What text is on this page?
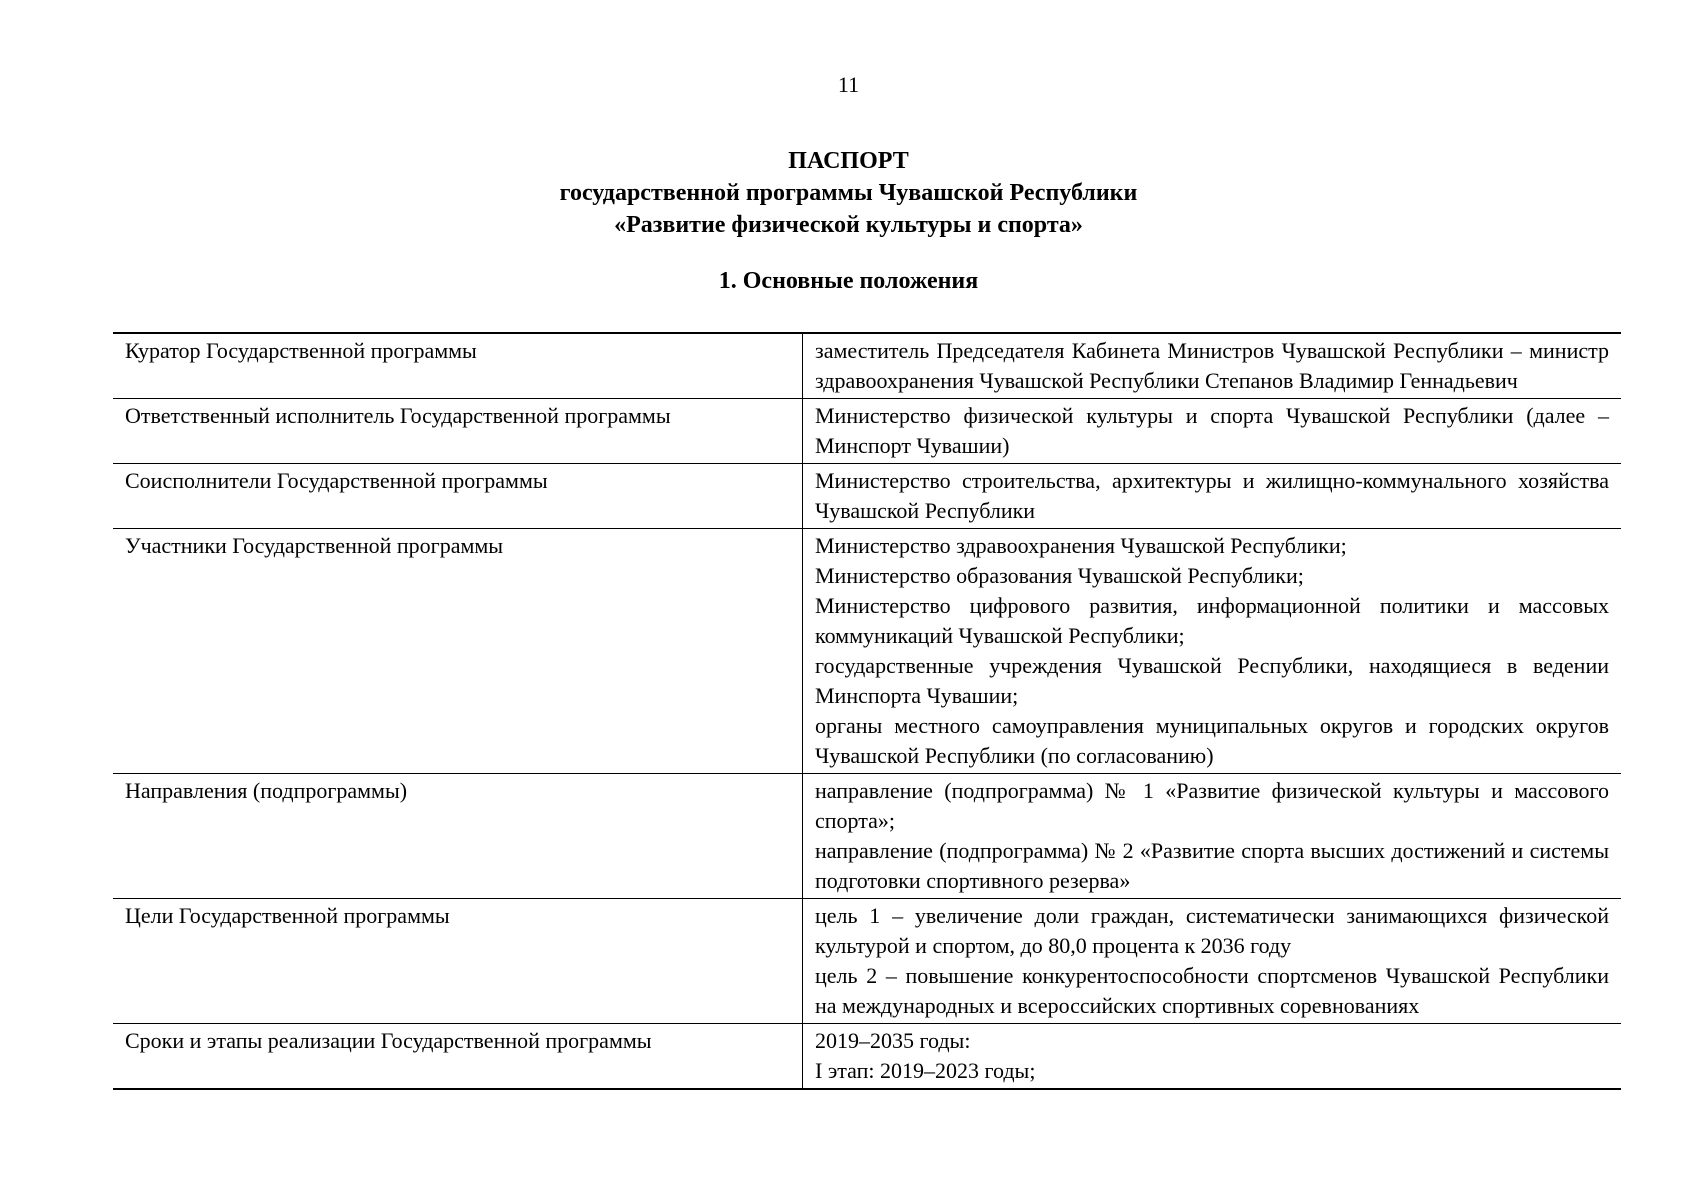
11
ПАСПОРТ
государственной программы Чувашской Республики
«Развитие физической культуры и спорта»
1. Основные положения
Куратор Государственной программы	заместитель Председателя Кабинета Министров Чувашской Республики – министр здравоохранения Чувашской Республики Степанов Владимир Геннадьевич

Ответственный исполнитель Государственной программы	Министерство физической культуры и спорта Чувашской Республики (далее – Минспорт Чувашии)

Соисполнители Государственной программы	Министерство строительства, архитектуры и жилищно-коммунального хозяйства Чувашской Республики

Участники Государственной программы	Министерство здравоохранения Чувашской Республики;
Министерство образования Чувашской Республики;
Министерство цифрового развития, информационной политики и массовых коммуникаций Чувашской Республики;
государственные учреждения Чувашской Республики, находящиеся в ведении Минспорта Чувашии;
органы местного самоуправления муниципальных округов и городских округов Чувашской Республики (по согласованию)

Направления (подпрограммы)	направление (подпрограмма) № 1 «Развитие физической культуры и массового спорта»;
направление (подпрограмма) № 2 «Развитие спорта высших достижений и системы подготовки спортивного резерва»

Цели Государственной программы	цель 1 – увеличение доли граждан, систематически занимающихся физической культурой и спортом, до 80,0 процента к 2036 году
цель 2 – повышение конкурентоспособности спортсменов Чувашской Республики на международных и всероссийских спортивных соревнованиях

Сроки и этапы реализации Государственной программы	2019–2035 годы:
I этап: 2019–2023 годы;
